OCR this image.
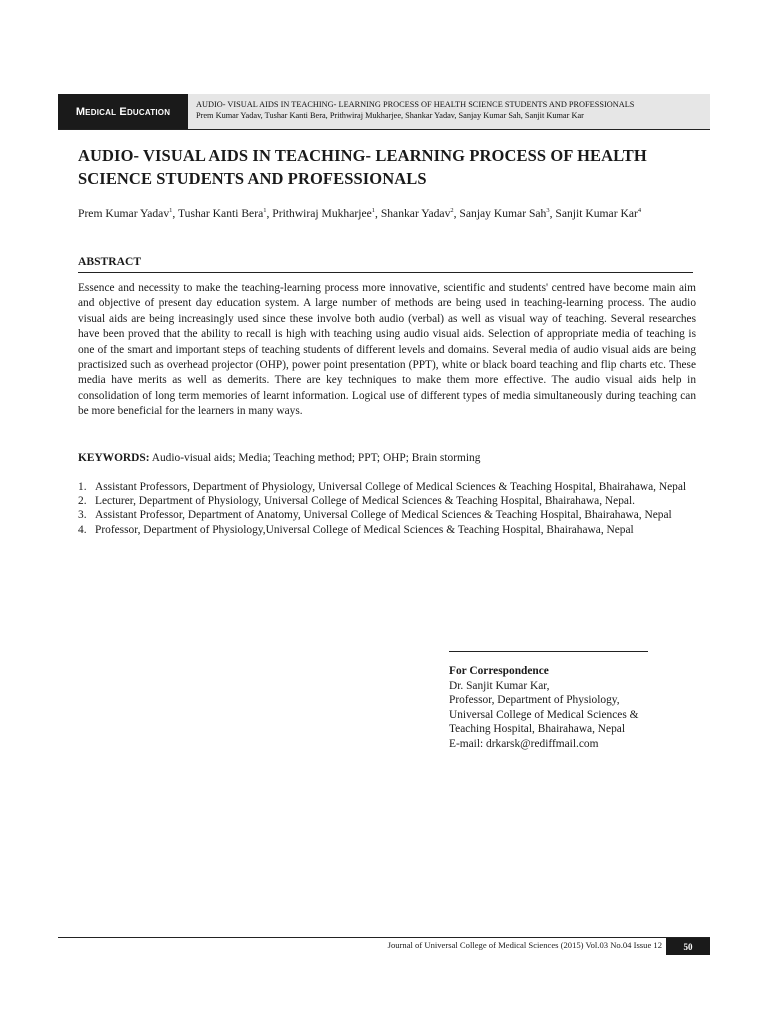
Medical Education
AUDIO- VISUAL AIDS IN TEACHING- LEARNING PROCESS OF HEALTH SCIENCE STUDENTS AND PROFESSIONALS
Prem Kumar Yadav, Tushar Kanti Bera, Prithwiraj Mukharjee, Shankar Yadav, Sanjay Kumar Sah, Sanjit Kumar Kar
AUDIO- VISUAL AIDS IN TEACHING- LEARNING PROCESS OF HEALTH SCIENCE STUDENTS AND PROFESSIONALS
Prem Kumar Yadav$^1$, Tushar Kanti Bera$^1$, Prithwiraj Mukharjee$^1$, Shankar Yadav$^2$, Sanjay Kumar Sah$^3$, Sanjit Kumar Kar$^4$
ABSTRACT

Essence and necessity to make the teaching-learning process more innovative, scientific and students' centred have become main aim and objective of present day education system. A large number of methods are being used in teaching-learning process. The audio visual aids are being increasingly used since these involve both audio (verbal) as well as visual way of teaching. Several researches have been proved that the ability to recall is high with teaching using audio visual aids. Selection of appropriate media of teaching is one of the smart and important steps of teaching students of different levels and domains. Several media of audio visual aids are being practisized such as overhead projector (OHP), power point presentation (PPT), white or black board teaching and flip charts etc. These media have merits as well as demerits. There are key techniques to make them more effective. The audio visual aids help in consolidation of long term memories of learnt information. Logical use of different types of media simultaneously during teaching can be more beneficial for the learners in many ways.

KEYWORDS: Audio-visual aids; Media; Teaching method; PPT; OHP; Brain storming
1. Assistant Professors, Department of Physiology, Universal College of Medical Sciences & Teaching Hospital, Bhairahawa, Nepal
2. Lecturer, Department of Physiology, Universal College of Medical Sciences & Teaching Hospital, Bhairahawa, Nepal.
3. Assistant Professor, Department of Anatomy, Universal College of Medical Sciences & Teaching Hospital, Bhairahawa, Nepal
4. Professor, Department of Physiology,Universal College of Medical Sciences & Teaching Hospital, Bhairahawa, Nepal
For Correspondence
Dr. Sanjit Kumar Kar,
Professor, Department of Physiology,
Universal College of Medical Sciences &
Teaching Hospital, Bhairahawa, Nepal
E-mail: drkarsk@rediffmail.com
Journal of Universal College of Medical Sciences (2015) Vol.03 No.04 Issue 12	50
